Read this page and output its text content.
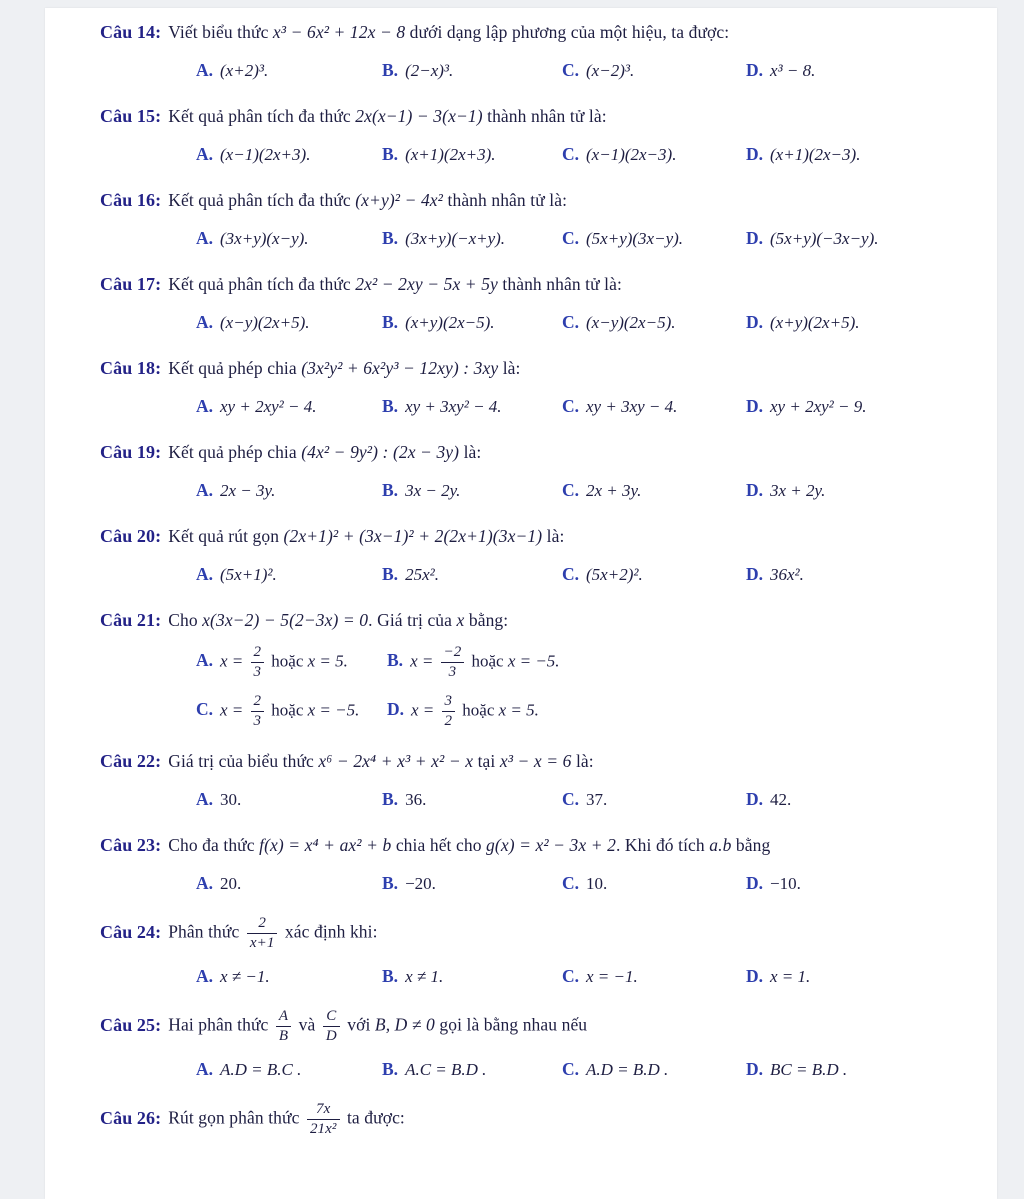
Câu 14: Viết biểu thức x³ − 6x² + 12x − 8 dưới dạng lập phương của một hiệu, ta được:
A. (x+2)³.	B. (2−x)³.	C. (x−2)³.	D. x³ − 8.
Câu 15: Kết quả phân tích đa thức 2x(x−1) − 3(x−1) thành nhân tử là:
A. (x−1)(2x+3).	B. (x+1)(2x+3).	C. (x−1)(2x−3).	D. (x+1)(2x−3).
Câu 16: Kết quả phân tích đa thức (x+y)² − 4x² thành nhân tử là:
A. (3x+y)(x−y).	B. (3x+y)(−x+y).	C. (5x+y)(3x−y).	D. (5x+y)(−3x−y).
Câu 17: Kết quả phân tích đa thức 2x² − 2xy − 5x + 5y thành nhân tử là:
A. (x−y)(2x+5).	B. (x+y)(2x−5).	C. (x−y)(2x−5).	D. (x+y)(2x+5).
Câu 18: Kết quả phép chia (3x²y² + 6x²y³ − 12xy) : 3xy là:
A. xy + 2xy² − 4.	B. xy + 3xy² − 4.	C. xy + 3xy − 4.	D. xy + 2xy² − 9.
Câu 19: Kết quả phép chia (4x² − 9y²) : (2x − 3y) là:
A. 2x − 3y.	B. 3x − 2y.	C. 2x + 3y.	D. 3x + 2y.
Câu 20: Kết quả rút gọn (2x+1)² + (3x−1)² + 2(2x+1)(3x−1) là:
A. (5x+1)².	B. 25x².	C. (5x+2)².	D. 36x².
Câu 21: Cho x(3x−2) − 5(2−3x) = 0. Giá trị của x bằng:
A. $x = \frac{2}{3}$ hoặc x = 5.	B. $x = \frac{-2}{3}$ hoặc x = −5.
C. $x = \frac{2}{3}$ hoặc x = −5.	D. $x = \frac{3}{2}$ hoặc x = 5.
Câu 22: Giá trị của biểu thức x⁶ − 2x⁴ + x³ + x² − x tại x³ − x = 6 là:
A. 30.	B. 36.	C. 37.	D. 42.
Câu 23: Cho đa thức f(x) = x⁴ + ax² + b chia hết cho g(x) = x² − 3x + 2. Khi đó tích a.b bằng
A. 20.	B. −20.	C. 10.	D. −10.
Câu 24: Phân thức $\frac{2}{x+1}$ xác định khi:
A. x ≠ −1.	B. x ≠ 1.	C. x = −1.	D. x = 1.
Câu 25: Hai phân thức $\frac{A}{B}$ và $\frac{C}{D}$ với B, D ≠ 0 gọi là bằng nhau nếu
A. A.D = B.C .	B. A.C = B.D .	C. A.D = B.D .	D. BC = B.D .
Câu 26: Rút gọn phân thức $\frac{7x}{\text{21x²}}$ ta được:
